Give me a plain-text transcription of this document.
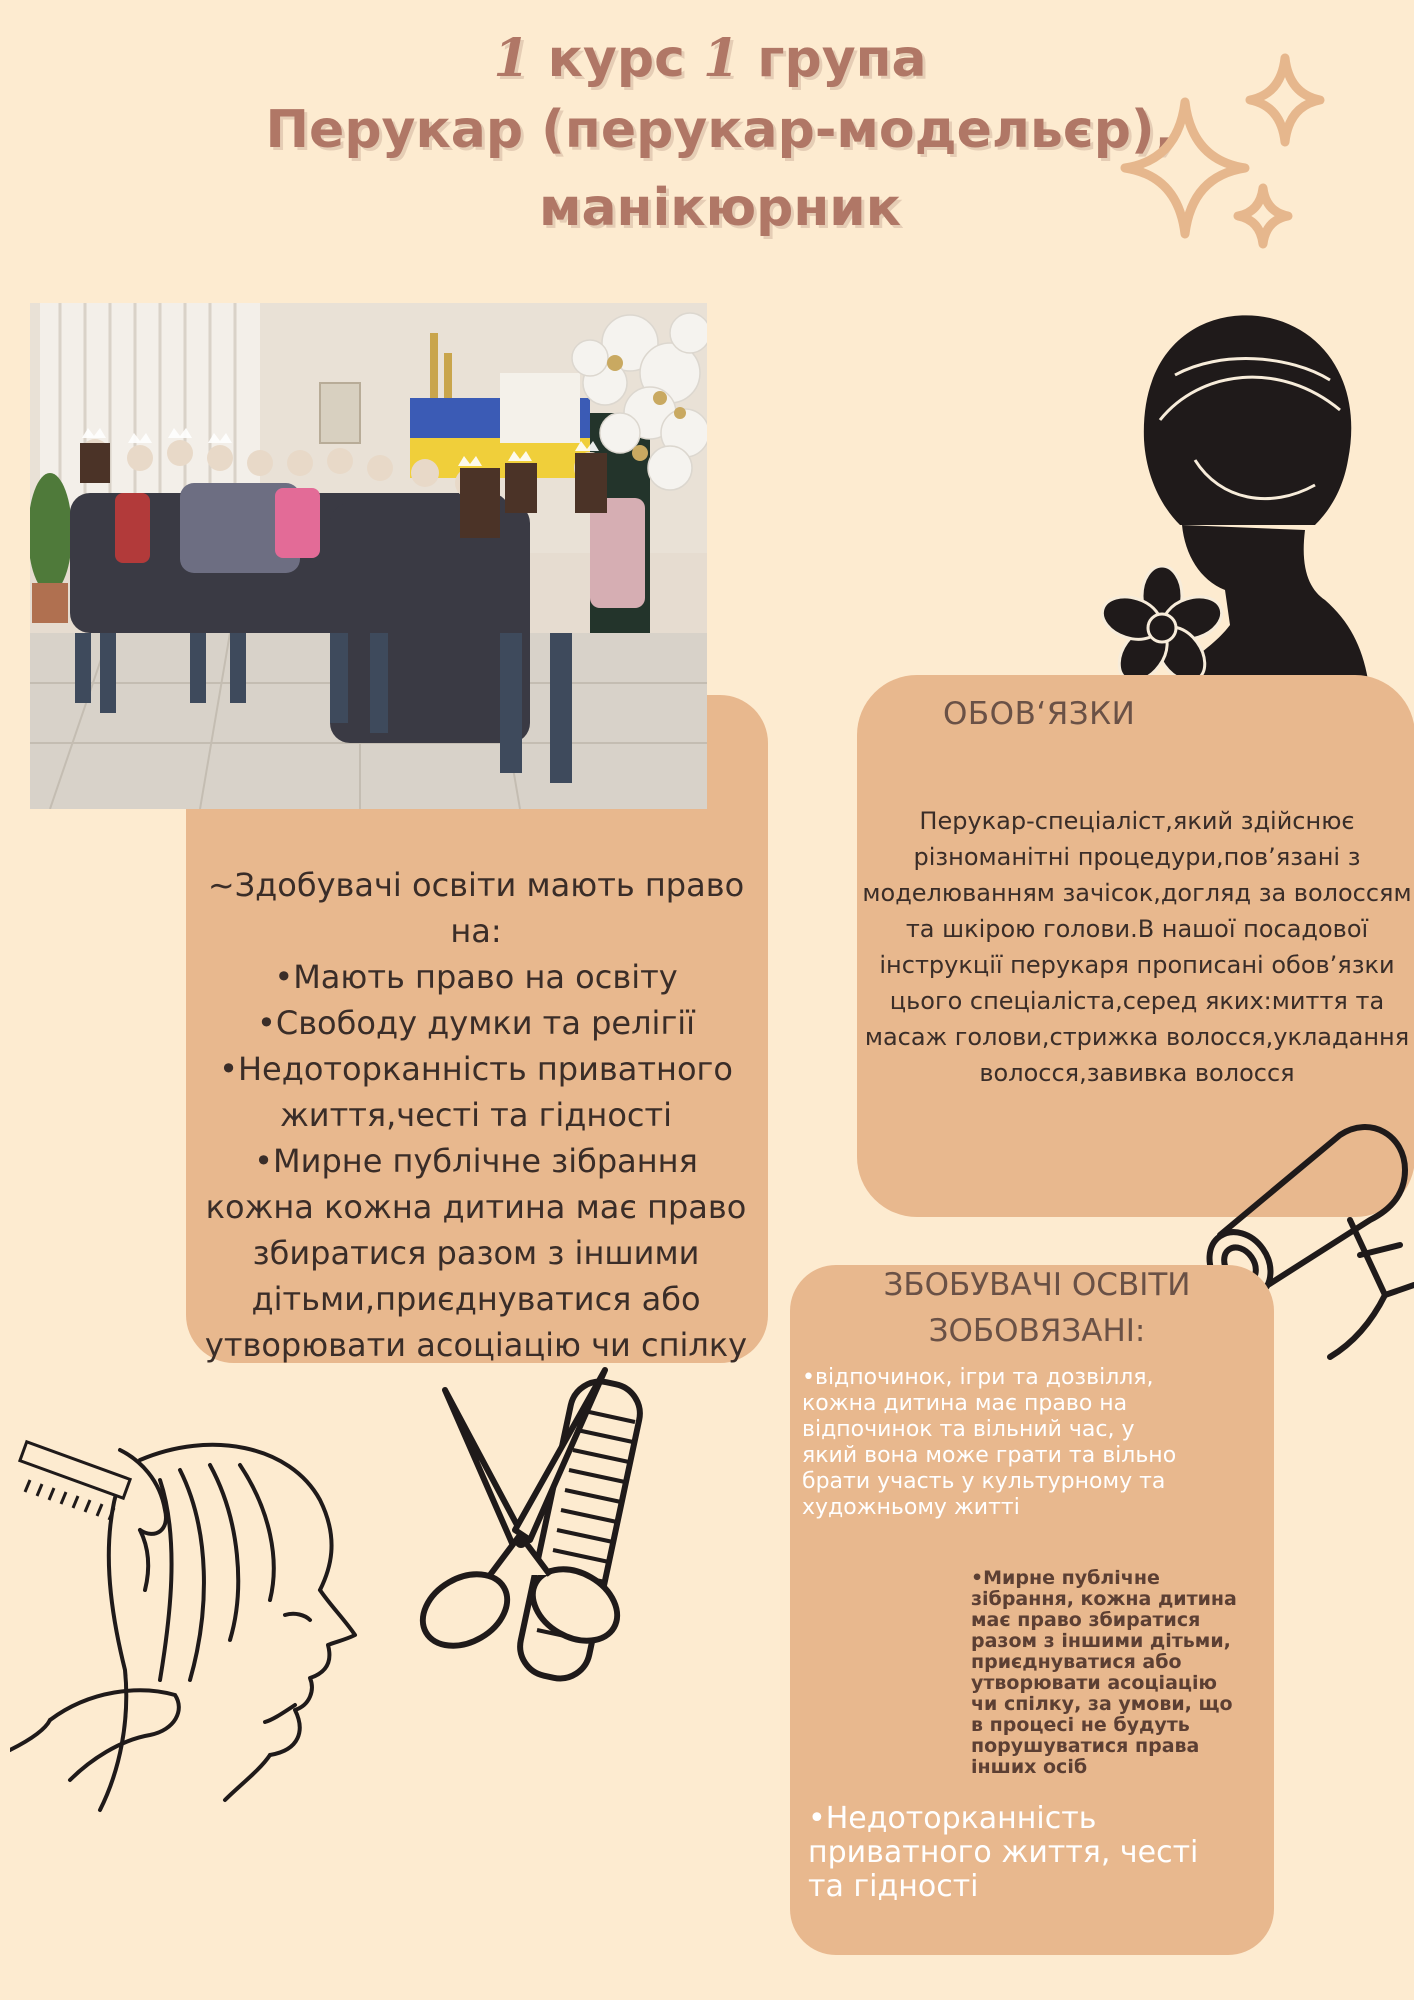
1 курс 1 група
Перукар (перукар-модельєр),
манікюрник

~Здобувачі освіти мають право на:

•Мають право на освіту

•Свободу думки та релігії

•Недоторканність приватного життя,честі та гідності

•Мирне публічне зібрання кожна кожна дитина має право збиратися разом з іншими дітьми,приєднуватися або утворювати асоціацію чи спілку

ОБОВʻЯЗКИ
Перукар-спеціаліст,який здійснює різноманітні процедури,пов’язані з моделюванням зачісок,догляд за волоссям та шкірою голови.В нашої посадової інструкції перукаря прописані обов’язки цього спеціаліста,серед яких:миття та масаж голови,стрижка волосся,укладання волосся,завивка волосся
ЗБОБУВАЧІ ОСВІТИ ЗОБОВЯЗАНІ:
•відпочинок, ігри та дозвілля, кожна дитина має право на відпочинок та вільний час, у який вона може грати та вільно брати участь у культурному та художньому житті
•Мирне публічне зібрання, кожна дитина має право збиратися разом з іншими дітьми, приєднуватися або утворювати асоціацію чи спілку, за умови, що в процесі не будуть порушуватися права інших осіб
•Недоторканність приватного життя, честі та гідності
